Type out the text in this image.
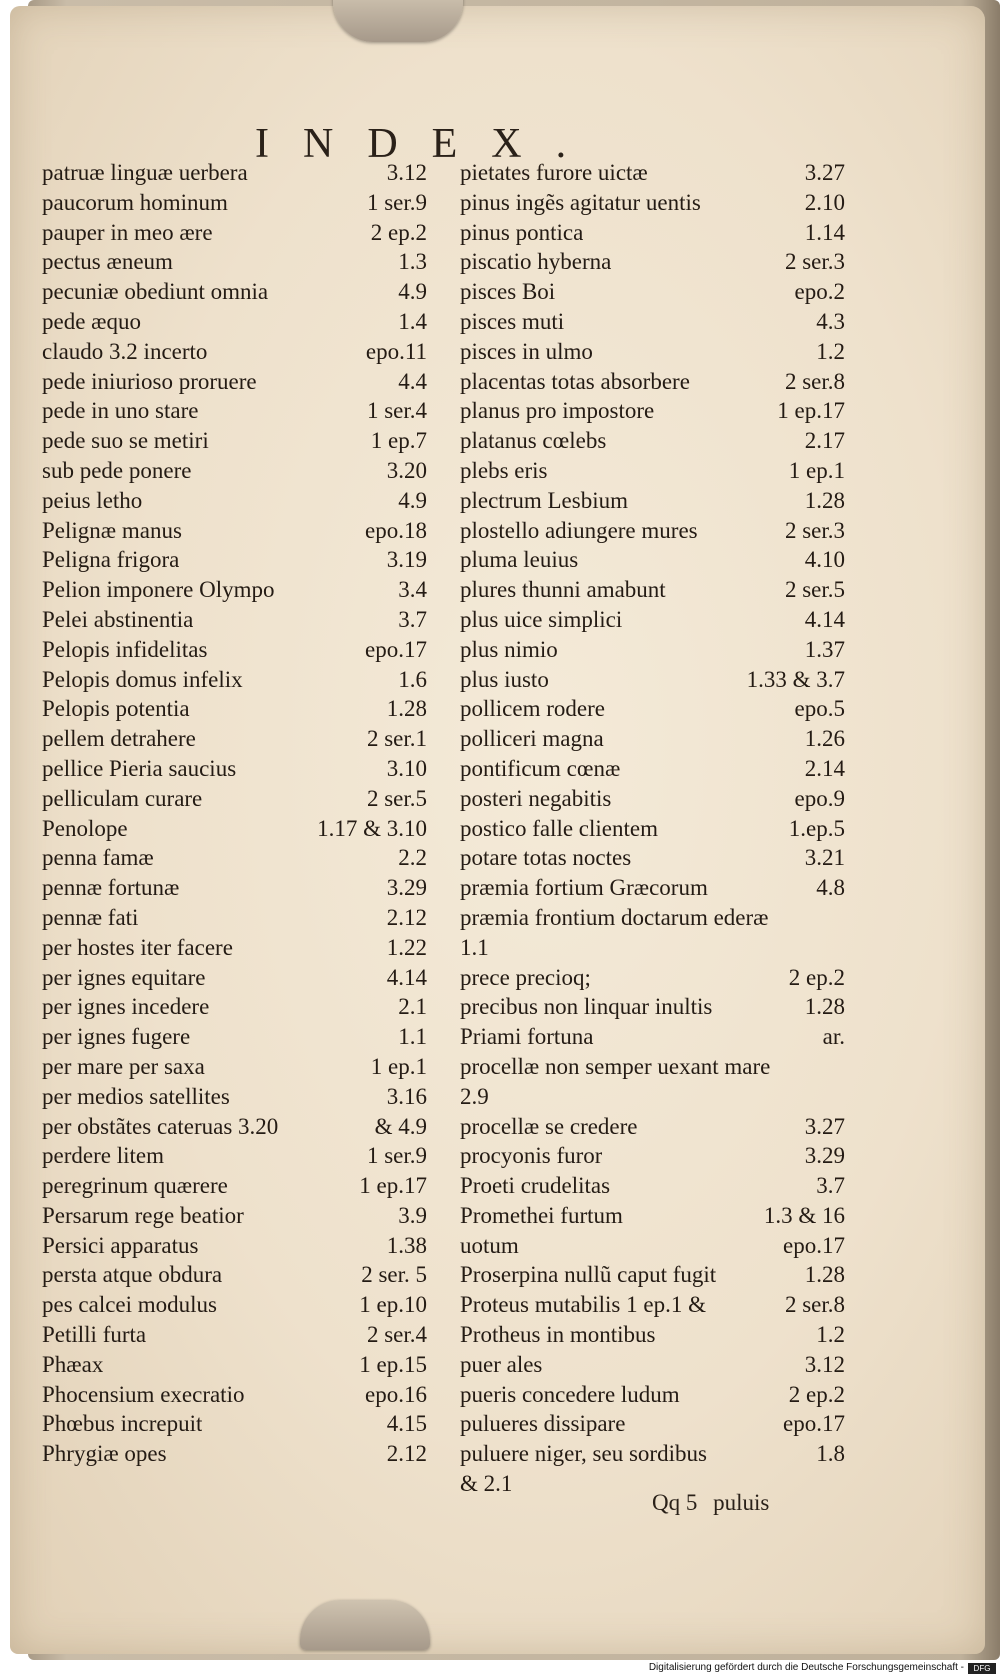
INDEX.
patruæ linguæ uerbera	3.12
paucorum hominum	1 ser.9
pauper in meo ære	2 ep.2
pectus æneum	1.3
pecuniæ obediunt omnia	4.9
pede æquo	1.4
claudo 3.2 incerto	epo.11
pede iniurioso proruere	4.4
pede in uno stare	1 ser.4
pede suo se metiri	1 ep.7
sub pede ponere	3.20
peius letho	4.9
Pelignæ manus	epo.18
Peligna frigora	3.19
Pelion imponere Olympo	3.4
Pelei abstinentia	3.7
Pelopis infidelitas	epo.17
Pelopis domus infelix	1.6
Pelopis potentia	1.28
pellem detrahere	2 ser.1
pellice Pieria saucius	3.10
pelliculam curare	2 ser.5
Penolope	1.17 & 3.10
penna famæ	2.2
pennæ fortunæ	3.29
pennæ fati	2.12
per hostes iter facere	1.22
per ignes equitare	4.14
per ignes incedere	2.1
per ignes fugere	1.1
per mare per saxa	1 ep.1
per medios satellites	3.16
per obstãtes cateruas 3.20	& 4.9
perdere litem	1 ser.9
peregrinum quærere	1 ep.17
Persarum rege beatior	3.9
Persici apparatus	1.38
persta atque obdura	2 ser. 5
pes calcei modulus	1 ep.10
Petilli furta	2 ser.4
Phæax	1 ep.15
Phocensium execratio	epo.16
Phœbus increpuit	4.15
Phrygiæ opes	2.12
pietates furore uictæ	3.27
pinus ingẽs agitatur uentis	2.10
pinus pontica	1.14
piscatio hyberna	2 ser.3
pisces Boi	epo.2
pisces muti	4.3
pisces in ulmo	1.2
placentas totas absorbere	2 ser.8
planus pro impostore	1 ep.17
platanus cœlebs	2.17
plebs eris	1 ep.1
plectrum Lesbium	1.28
plostello adiungere mures	2 ser.3
pluma leuius	4.10
plures thunni amabunt	2 ser.5
plus uice simplici	4.14
plus nimio	1.37
plus iusto	1.33 & 3.7
pollicem rodere	epo.5
polliceri magna	1.26
pontificum cœnæ	2.14
posteri negabitis	epo.9
postico falle clientem	1.ep.5
potare totas noctes	3.21
præmia fortium Græcorum	4.8
præmia frontium doctarum ederæ
1.1
prece precioq;	2 ep.2
precibus non linquar inultis	1.28
Priami fortuna	ar.
procellæ non semper uexant mare
2.9
procellæ se credere	3.27
procyonis furor	3.29
Proeti crudelitas	3.7
Promethei furtum	1.3 & 16
uotum	epo.17
Proserpina nullũ caput fugit	1.28
Proteus mutabilis 1 ep.1 &	2 ser.8
Protheus in montibus	1.2
puer ales	3.12
pueris concedere ludum	2 ep.2
pulueres dissipare	epo.17
puluere niger, seu sordibus	1.8
& 2.1
Qq 5 puluis
Digitalisierung gefördert durch die Deutsche Forschungsgemeinschaft -	DFG
